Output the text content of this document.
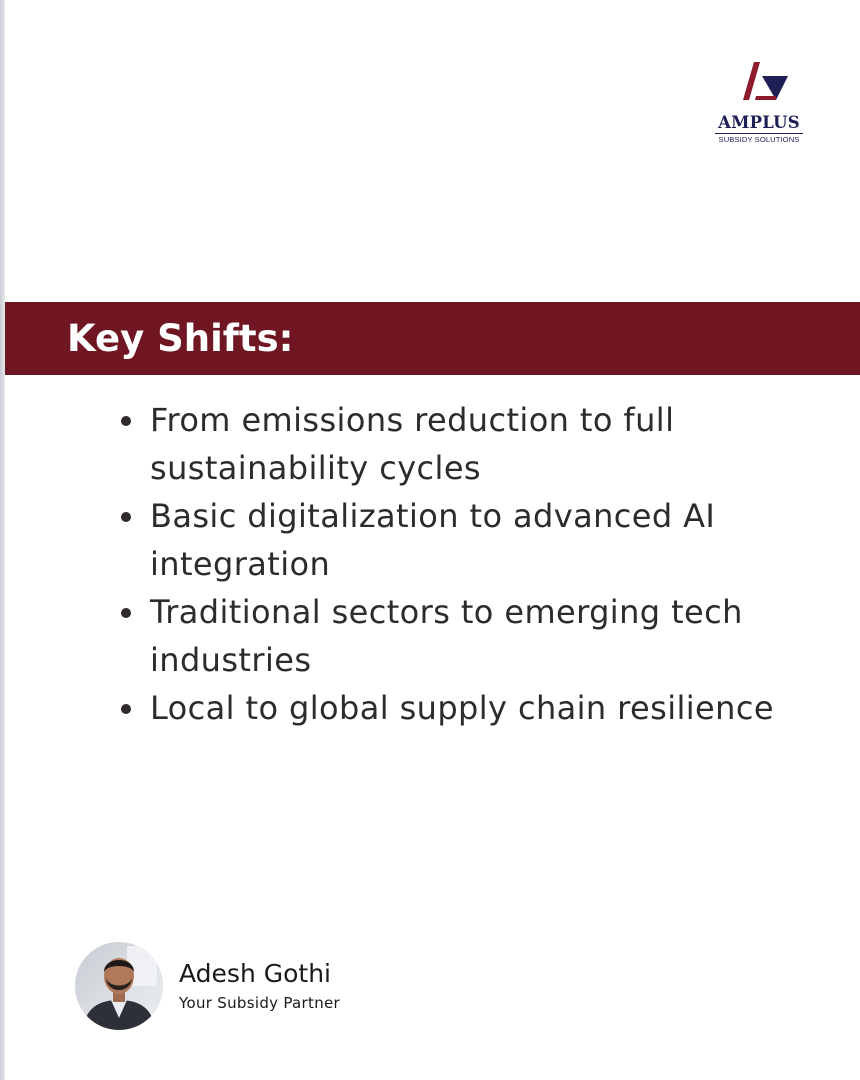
AMPLUS
SUBSIDY SOLUTIONS
Key Shifts:
From emissions reduction to full sustainability cycles
Basic digitalization to advanced AI integration
Traditional sectors to emerging tech industries
Local to global supply chain resilience
Adesh Gothi
Your Subsidy Partner
